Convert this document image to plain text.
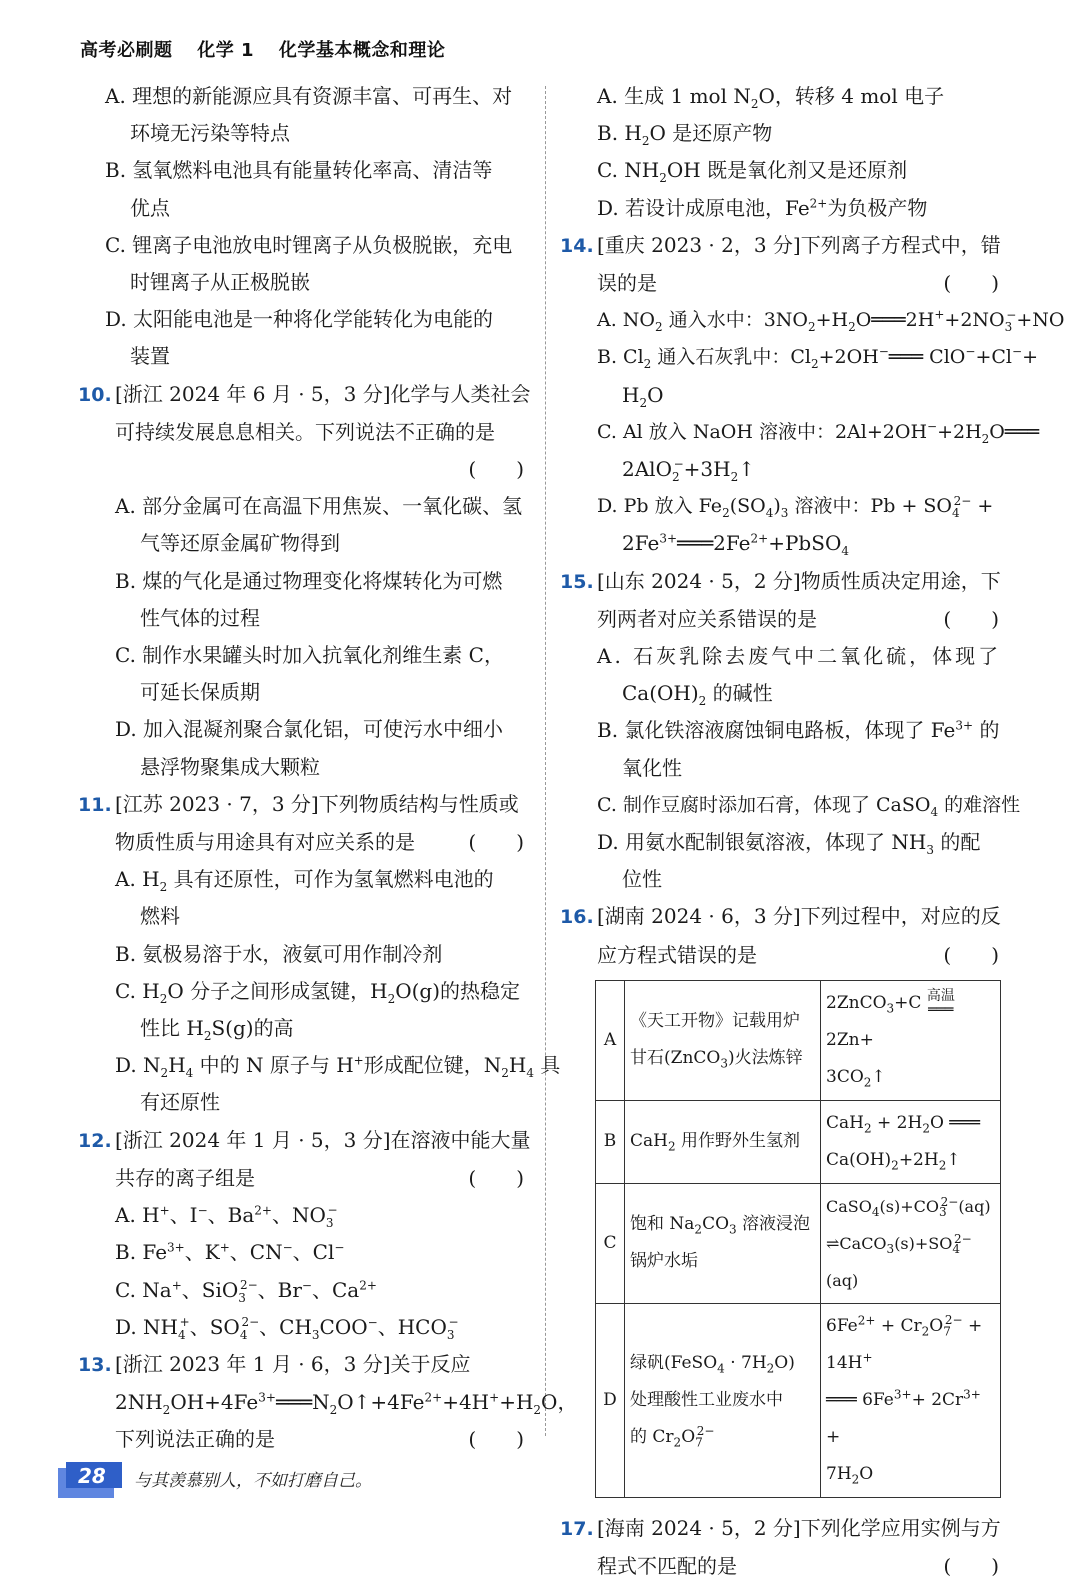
高考必刷题 化学 1 化学基本概念和理论
A. 理想的新能源应具有资源丰富、可再生、对
环境无污染等特点
B. 氢氧燃料电池具有能量转化率高、清洁等
优点
C. 锂离子电池放电时锂离子从负极脱嵌，充电
时锂离子从正极脱嵌
D. 太阳能电池是一种将化学能转化为电能的
装置
10. [浙江 2024 年 6 月 · 5，3 分]化学与人类社会
可持续发展息息相关。下列说法不正确的是
(　　)

A. 部分金属可在高温下用焦炭、一氧化碳、氢
气等还原金属矿物得到
B. 煤的气化是通过物理变化将煤转化为可燃
性气体的过程
C. 制作水果罐头时加入抗氧化剂维生素 C，
可延长保质期
D. 加入混凝剂聚合氯化铝，可使污水中细小
悬浮物聚集成大颗粒
11. [江苏 2023 · 7，3 分]下列物质结构与性质或
物质性质与用途具有对应关系的是	(　　)
A. $H_2$ 具有还原性，可作为氢氧燃料电池的
燃料
B. 氨极易溶于水，液氨可用作制冷剂
C. $H_2O$ 分子之间形成氢键，$H_2O(g)$的热稳定
性比 $H_2S(g)$的高
D. $N_2H_4$ 中的 N 原子与 H+形成配位键，$N_2H_4$ 具
有还原性
12. [浙江 2024 年 1 月 · 5，3 分]在溶液中能大量
共存的离子组是	(　　)
A. H+、I−、$Ba^{2+}$、$NO_3^-$
B. $Fe^{3+}$、K+、CN−、Cl−
C. Na+、SiO$_3^{2-}$、Br−、$Ca^{2+}$
D. $NH_4^+$、$SO_4^{2-}$、$CH_3COO^-$、$HCO_3^-$
13. [浙江 2023 年 1 月 · 6，3 分]关于反应
$2NH_2OH+4Fe^{3+}═══N_2O↑+4Fe^{2+}+4H^++H_2O$，
下列说法正确的是	(　　)
A. 生成 1 mol $N_2O$，转移 4 mol 电子
B. $H_2O$ 是还原产物
C. $NH_2OH$ 既是氧化剂又是还原剂
D. 若设计成原电池，$Fe^{2+}$为负极产物
14. [重庆 2023 · 2，3 分]下列离子方程式中，错
误的是	(　　)
A. $NO_2$ 通入水中：$3NO_2+H_2O═══2H^++2NO_3^-+NO$
B. $Cl_2$ 通入石灰乳中：$Cl_2+2OH^-═══$ ClO−+Cl−+
$H_2O$
C. Al 放入 NaOH 溶液中：$2Al+2OH^-+2H_2O═══$
$2AlO_2^-+3H_2↑$
D. Pb 放入 $Fe_2(SO_4)_3$ 溶液中：$Pb + SO_4^{2-}$ +
$2Fe^{3+}═══2Fe^{2+}+PbSO_4$
15. [山东 2024 · 5，2 分]物质性质决定用途，下
列两者对应关系错误的是	(　　)
A. 石灰乳除去废气中二氧化硫，体现了
$Ca(OH)_2$ 的碱性
B. 氯化铁溶液腐蚀铜电路板，体现了 $Fe^{3+}$ 的
氧化性
C. 制作豆腐时添加石膏，体现了 CaSO$_4$ 的难溶性
D. 用氨水配制银氨溶液，体现了 $NH_3$ 的配
位性
16. [湖南 2024 · 6，3 分]下列过程中，对应的反
应方程式错误的是	(　　)
A	《天工开物》记载用炉
甘石(ZnCO$_3$)火法炼锌	2ZnCO$_3$+C 高温
═══2Zn+
$3CO_2↑$
B	CaH$_2$ 用作野外生氢剂	$CaH_2 + 2H_2O$ ═══
$Ca(OH)_2+2H_2↑$
C	饱和 $Na_2CO_3$ 溶液浸泡
锅炉水垢	$CaSO_4(s)+CO_3^{2-}(aq)$
$\rightleftharpoons CaCO_3(s)+SO_4^{2-}(aq)$
D	绿矾(FeSO$_4$ · $7H_2O$)
处理酸性工业废水中
的 $Cr_2O_7^{2-}$	$6Fe^{2+} + Cr_2O_7^{2-} + 14H^+$
═══ $6Fe^{3+}+ 2Cr^{3+}$ +
$7H_2O$
17. [海南 2024 · 5，2 分]下列化学应用实例与方
程式不匹配的是	(　　)
28 与其羡慕别人，不如打磨自己。
